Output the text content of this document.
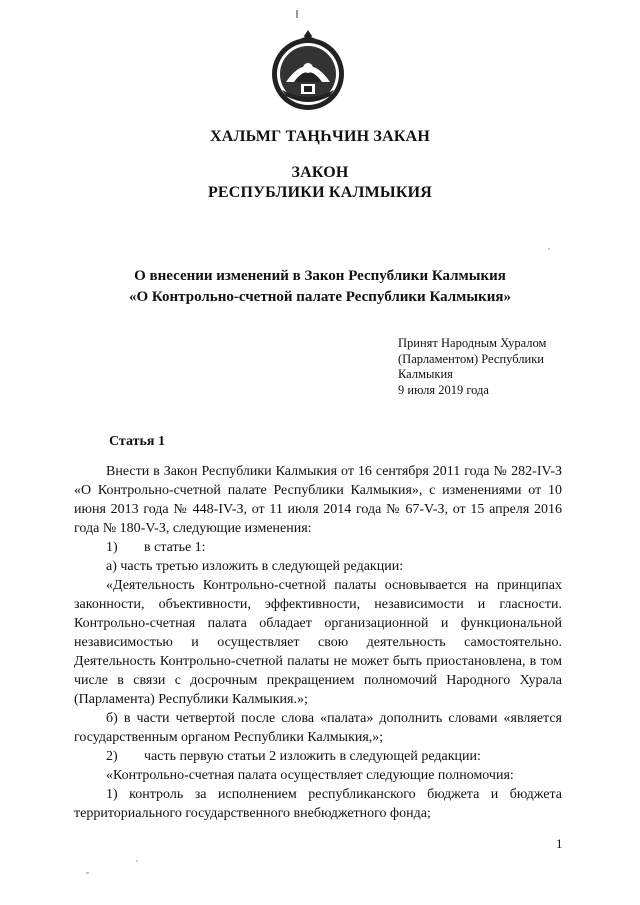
ХАЛЬМГ ТАҢҺЧИН ЗАКАН
ЗАКОН
РЕСПУБЛИКИ КАЛМЫКИЯ
О внесении изменений в Закон Республики Калмыкия
«О Контрольно-счетной палате Республики Калмыкия»
Принят Народным Хуралом
(Парламентом) Республики
Калмыкия
9 июля 2019 года
Статья 1

Внести в Закон Республики Калмыкия от 16 сентября 2011 года № 282-IV-З «О Контрольно-счетной палате Республики Калмыкия», с изменениями от 10 июня 2013 года № 448-IV-З, от 11 июля 2014 года № 67-V-З, от 15 апреля 2016 года № 180-V-З, следующие изменения:

1) в статье 1:

а) часть третью изложить в следующей редакции:

«Деятельность Контрольно-счетной палаты основывается на принципах законности, объективности, эффективности, независимости и гласности. Контрольно-счетная палата обладает организационной и функциональной независимостью и осуществляет свою деятельность самостоятельно. Деятельность Контрольно-счетной палаты не может быть приостановлена, в том числе в связи с досрочным прекращением полномочий Народного Хурала (Парламента) Республики Калмыкия.»;

б) в части четвертой после слова «палата» дополнить словами «является государственным органом Республики Калмыкия,»;

2) часть первую статьи 2 изложить в следующей редакции:

«Контрольно-счетная палата осуществляет следующие полномочия:

1) контроль за исполнением республиканского бюджета и бюджета территориального государственного внебюджетного фонда;

1
